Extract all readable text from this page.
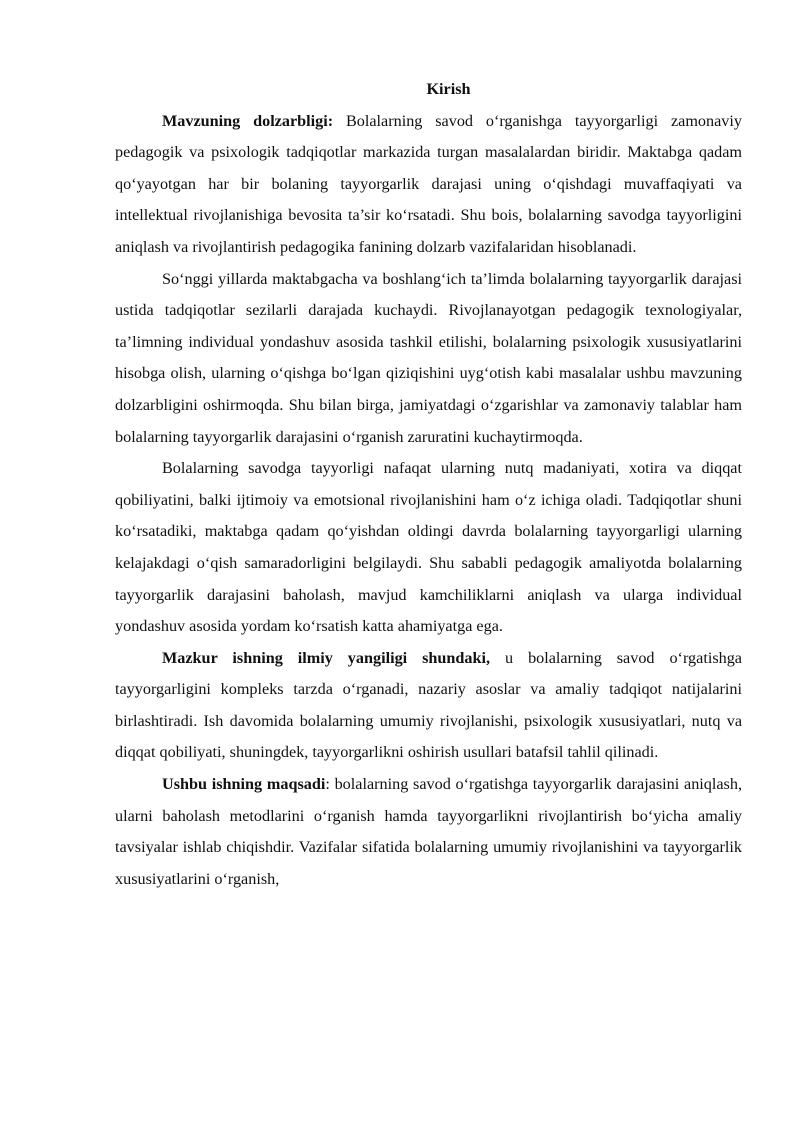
Kirish

Mavzuning dolzarbligi: Bolalarning savod o‘rganishga tayyorgarligi zamonaviy pedagogik va psixologik tadqiqotlar markazida turgan masalalardan biridir. Maktabga qadam qo‘yayotgan har bir bolaning tayyorgarlik darajasi uning o‘qishdagi muvaffaqiyati va intellektual rivojlanishiga bevosita ta’sir ko‘rsatadi. Shu bois, bolalarning savodga tayyorligini aniqlash va rivojlantirish pedagogika fanining dolzarb vazifalaridan hisoblanadi.

So‘nggi yillarda maktabgacha va boshlang‘ich ta’limda bolalarning tayyorgarlik darajasi ustida tadqiqotlar sezilarli darajada kuchaydi. Rivojlanayotgan pedagogik texnologiyalar, ta’limning individual yondashuv asosida tashkil etilishi, bolalarning psixologik xususiyatlarini hisobga olish, ularning o‘qishga bo‘lgan qiziqishini uyg‘otish kabi masalalar ushbu mavzuning dolzarbligini oshirmoqda. Shu bilan birga, jamiyatdagi o‘zgarishlar va zamonaviy talablar ham bolalarning tayyorgarlik darajasini o‘rganish zaruratini kuchaytirmoqda.

Bolalarning savodga tayyorligi nafaqat ularning nutq madaniyati, xotira va diqqat qobiliyatini, balki ijtimoiy va emotsional rivojlanishini ham o‘z ichiga oladi. Tadqiqotlar shuni ko‘rsatadiki, maktabga qadam qo‘yishdan oldingi davrda bolalarning tayyorgarligi ularning kelajakdagi o‘qish samaradorligini belgilaydi. Shu sababli pedagogik amaliyotda bolalarning tayyorgarlik darajasini baholash, mavjud kamchiliklarni aniqlash va ularga individual yondashuv asosida yordam ko‘rsatish katta ahamiyatga ega.

Mazkur ishning ilmiy yangiligi shundaki, u bolalarning savod o‘rgatishga tayyorgarligini kompleks tarzda o‘rganadi, nazariy asoslar va amaliy tadqiqot natijalarini birlashtiradi. Ish davomida bolalarning umumiy rivojlanishi, psixologik xususiyatlari, nutq va diqqat qobiliyati, shuningdek, tayyorgarlikni oshirish usullari batafsil tahlil qilinadi.

Ushbu ishning maqsadi: bolalarning savod o‘rgatishga tayyorgarlik darajasini aniqlash, ularni baholash metodlarini o‘rganish hamda tayyorgarlikni rivojlantirish bo‘yicha amaliy tavsiyalar ishlab chiqishdir. Vazifalar sifatida bolalarning umumiy rivojlanishini va tayyorgarlik xususiyatlarini o‘rganish,
